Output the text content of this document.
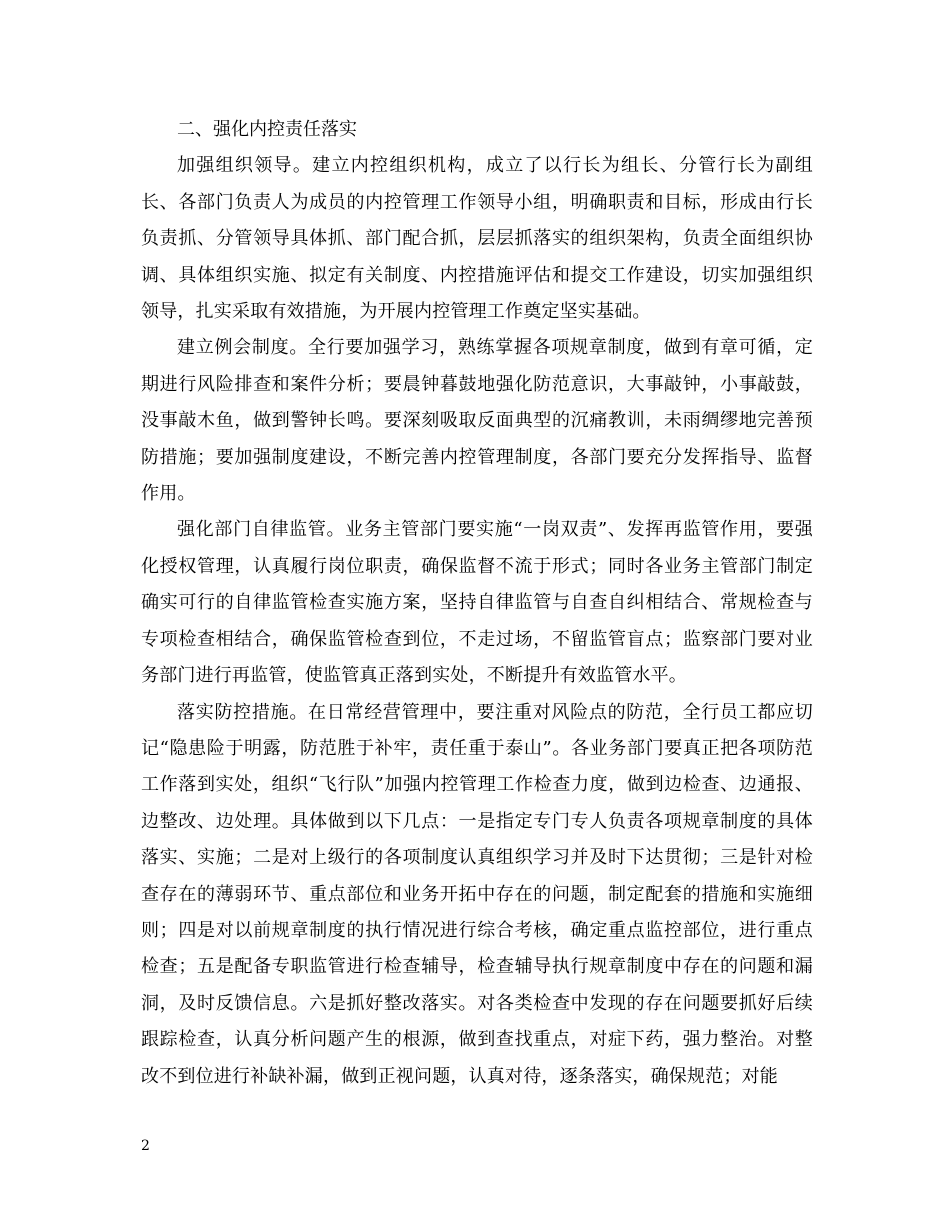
二、强化内控责任落实

加强组织领导。建立内控组织机构，成立了以行长为组长、分管行长为副组长、各部门负责人为成员的内控管理工作领导小组，明确职责和目标，形成由行长负责抓、分管领导具体抓、部门配合抓，层层抓落实的组织架构，负责全面组织协调、具体组织实施、拟定有关制度、内控措施评估和提交工作建设，切实加强组织领导，扎实采取有效措施，为开展内控管理工作奠定坚实基础。

建立例会制度。全行要加强学习，熟练掌握各项规章制度，做到有章可循，定期进行风险排查和案件分析；要晨钟暮鼓地强化防范意识，大事敲钟，小事敲鼓，没事敲木鱼，做到警钟长鸣。要深刻吸取反面典型的沉痛教训，未雨绸缪地完善预防措施；要加强制度建设，不断完善内控管理制度，各部门要充分发挥指导、监督作用。

强化部门自律监管。业务主管部门要实施“一岗双责”、发挥再监管作用，要强化授权管理，认真履行岗位职责，确保监督不流于形式；同时各业务主管部门制定确实可行的自律监管检查实施方案，坚持自律监管与自查自纠相结合、常规检查与专项检查相结合，确保监管检查到位，不走过场，不留监管盲点；监察部门要对业务部门进行再监管，使监管真正落到实处，不断提升有效监管水平。

落实防控措施。在日常经营管理中，要注重对风险点的防范，全行员工都应切记“隐患险于明露，防范胜于补牢，责任重于泰山”。各业务部门要真正把各项防范工作落到实处，组织“飞行队”加强内控管理工作检查力度，做到边检查、边通报、边整改、边处理。具体做到以下几点：一是指定专门专人负责各项规章制度的具体落实、实施；二是对上级行的各项制度认真组织学习并及时下达贯彻；三是针对检查存在的薄弱环节、重点部位和业务开拓中存在的问题，制定配套的措施和实施细则；四是对以前规章制度的执行情况进行综合考核，确定重点监控部位，进行重点检查；五是配备专职监管进行检查辅导，检查辅导执行规章制度中存在的问题和漏洞，及时反馈信息。六是抓好整改落实。对各类检查中发现的存在问题要抓好后续跟踪检查，认真分析问题产生的根源，做到查找重点，对症下药，强力整治。对整改不到位进行补缺补漏，做到正视问题，认真对待，逐条落实，确保规范；对能

2
